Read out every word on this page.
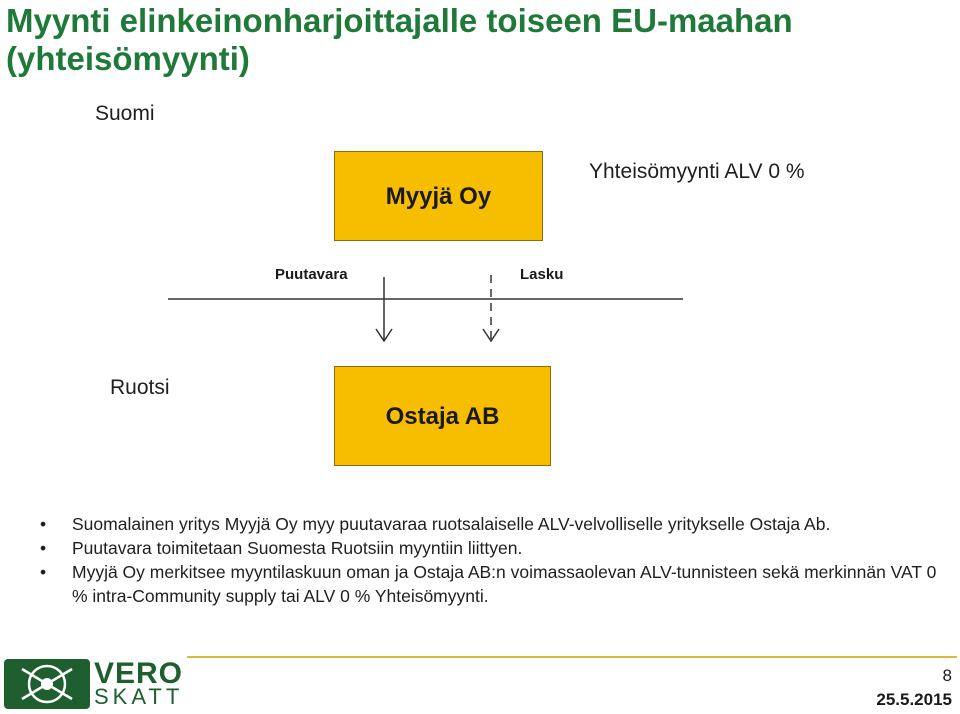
Myynti elinkeinonharjoittajalle toiseen EU-maahan
(yhteisömyynti)
Suomi
Myyjä Oy
Yhteisömyynti ALV 0 %
Puutavara	Lasku
Ruotsi
Ostaja AB
• Suomalainen yritys Myyjä Oy myy puutavaraa ruotsalaiselle ALV-velvolliselle yritykselle Ostaja Ab.
• Puutavara toimitetaan Suomesta Ruotsiin myyntiin liittyen.
• Myyjä Oy merkitsee myyntilaskuun oman ja Ostaja AB:n voimassaolevan ALV-tunnisteen sekä merkinnän VAT 0 % intra-Community supply tai ALV 0 % Yhteisömyynti.
VERO
SKATT
8
25.5.2015
